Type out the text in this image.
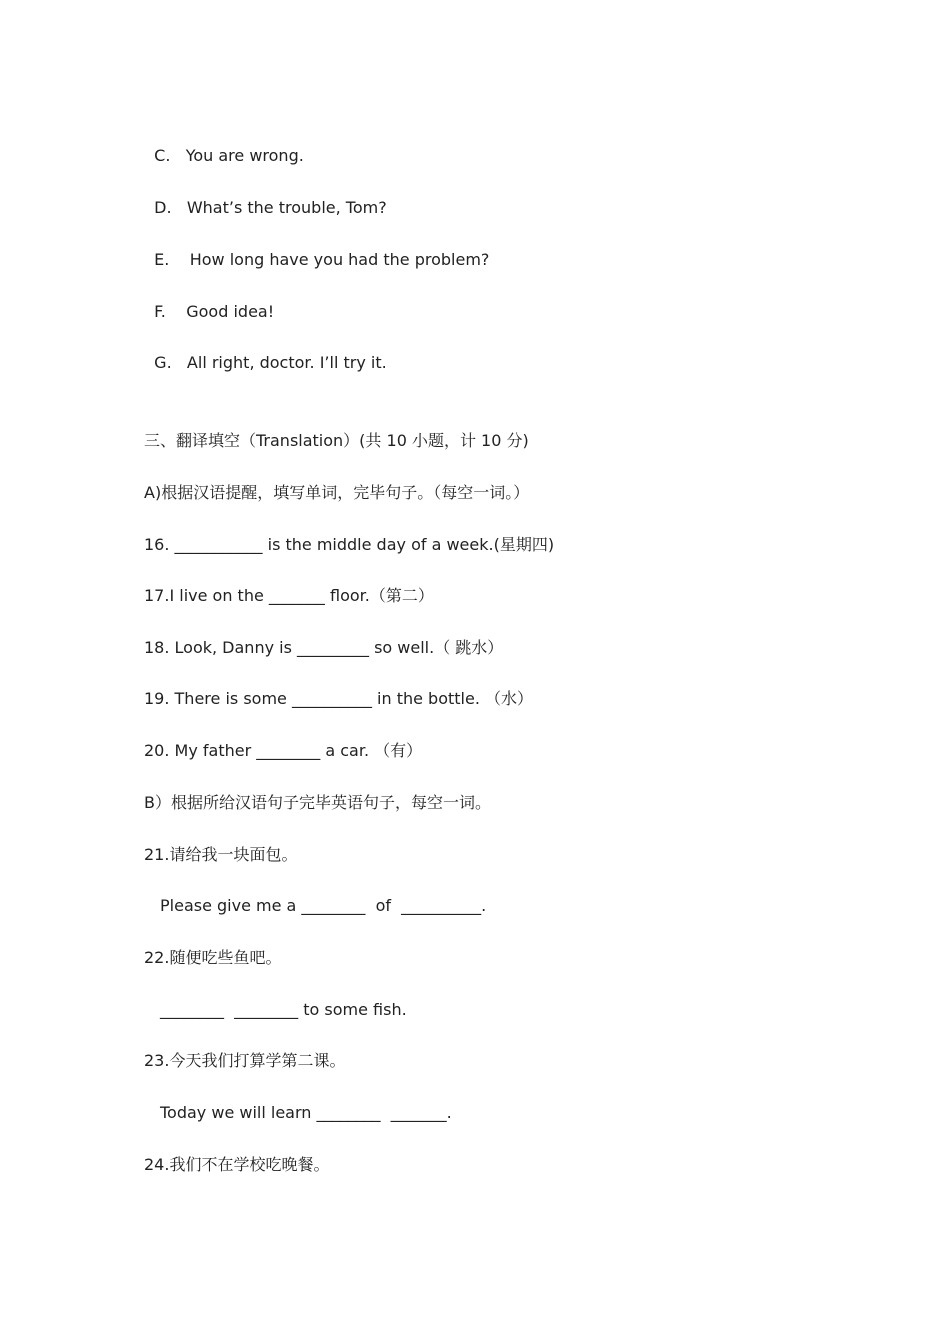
C. You are wrong.

D. What’s the trouble, Tom?

E.    How long have you had the problem?

F.    Good idea!

G. All right, doctor. I’ll try it.

三、翻译填空（Translation）(共 10 小题，计 10 分)
A)根据汉语提醒，填写单词，完毕句子。（每空一词。）
16. ___________ is the middle day of a week.(星期四)
17.I live on the _______ floor.（第二）
18. Look, Danny is _________ so well.（ 跳水）
19. There is some __________ in the bottle. （水）
20. My father ________ a car. （有）
B）根据所给汉语句子完毕英语句子，每空一词。
21.请给我一块面包。
Please give me a ________  of  __________.
22.随便吃些鱼吧。
________  ________ to some fish.
23.今天我们打算学第二课。
Today we will learn ________  _______.
24.我们不在学校吃晚餐。
